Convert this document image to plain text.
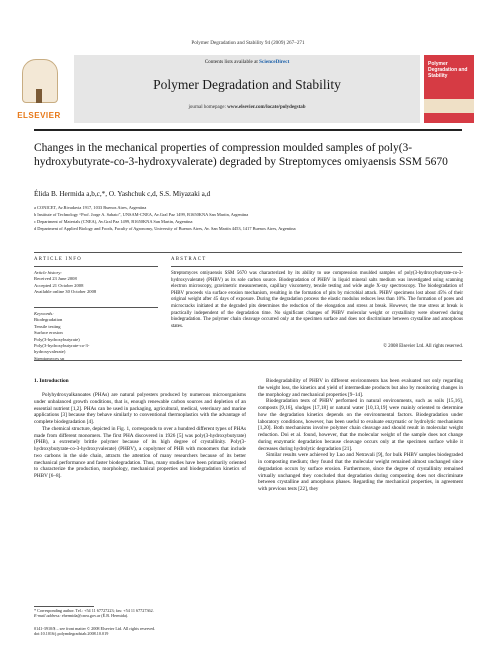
Polymer Degradation and Stability 94 (2009) 267–271
ELSEVIER
Contents lists available at ScienceDirect
Polymer Degradation and Stability
journal homepage: www.elsevier.com/locate/polydegstab
Polymer Degradation and Stability
Changes in the mechanical properties of compression moulded samples of poly(3-hydroxybutyrate-co-3-hydroxyvalerate) degraded by Streptomyces omiyaensis SSM 5670
Élida B. Hermida a,b,c,*, O. Yashchuk c,d, S.S. Miyazaki a,d
a CONICET, Av.Rivadavia 1917, 1033 Buenos Aires, Argentina
b Institute of Technology “Prof. Jorge A. Sabato”, UNSAM-CNEA, Av.Gral Paz 1499, B1650KNA San Martin, Argentina
c Department of Materials (CNEA), Av.Gral Paz 1499, B1650KNA San Martin, Argentina
d Department of Applied Biology and Foods, Faculty of Agronomy, University of Buenos Aires, Av. San Martín 4453, 1417 Buenos Aires, Argentina
ARTICLE INFO
Article history:
Received 23 June 2008
Accepted 21 October 2008
Available online 30 October 2008
Keywords:
Biodegradation
Tensile testing
Surface erosion
Poly(3-hydroxybutyrate)
Poly(3-hydroxybutyrate-co-3-
hydroxyvalerate)
Streptomyces sp
ABSTRACT
Streptomyces omiyaensis SSM 5670 was characterized by its ability to use compression moulded samples of poly(3-hydroxybutyrate-co-3-hydroxyvalerate) (PHBV) as its sole carbon source. Biodegradation of PHBV in liquid mineral salts medium was investigated using scanning electron microscopy, gravimetric measurements, capillary viscometry, tensile testing and wide angle X-ray spectroscopy. The biodegradation of PHBV proceeds via surface erosion mechanism, resulting in the formation of pits by microbial attack. PHBV specimens lost about 45% of their original weight after 45 days of exposure. During the degradation process the elastic modulus reduces less than 10%. The formation of pores and microcracks initiated at the degraded pits determines the reduction of the elongation and stress at break. However, the true stress at break is practically independent of the degradation time. No significant changes of PHBV molecular weight or crystallinity were observed during biodegradation. The polymer chain cleavage occurred only at the specimen surface and does not discriminate between crystalline and amorphous states.
© 2008 Elsevier Ltd. All rights reserved.
1. Introduction

Polyhydroxyalkanoates (PHAs) are natural polyesters produced by numerous microorganisms under unbalanced growth conditions, that is, enough renewable carbon sources and depletion of an essential nutrient [1,2]. PHAs can be used in packaging, agricultural, medical, veterinary and marine applications [3] because they behave similarly to conventional thermoplastics with the advantage of complete biodegradation [4].

The chemical structure, depicted in Fig. 1, corresponds to over a hundred different types of PHAs made from different monomers. The first PHA discovered in 1926 [5] was poly(3-hydroxybutyrate) (PHB), a extremely brittle polymer because of its high degree of crystallinity. Poly(3-hydroxybutyrate-co-3-hydroxyvalerate) (PHBV), a copolymer of PHB with monomers that include two carbons in the side chain, attracts the attention of many researchers because of its better mechanical performance and faster biodegradation. Thus, many studies have been primarily oriented to characterize the production, morphology, mechanical properties and biodegradation kinetics of PHBV [6–8].

Biodegradability of PHBV in different environments has been evaluated not only regarding the weight loss, the kinetics and yield of intermediate products but also by monitoring changes in the morphology and mechanical properties [9–14].

Biodegradation tests of PHBV performed in natural environments, such as soils [15,16], composts [9,16], sludges [17,18] or natural water [10,13,19] were mainly oriented to determine how the degradation kinetics depends on the environmental factors. Biodegradation under laboratory conditions, however, has been useful to evaluate enzymatic or hydrolytic mechanisms [1,20]. Both mechanisms involve polymer chain cleavage and should result in molecular weight reduction. Doi et al. found, however, that the molecular weight of the sample does not change during enzymatic degradation because cleavage occurs only at the specimen surface while it decreases during hydrolytic degradation [21].

Similar results were achieved by Luo and Netravali [9], for bulk PHBV samples biodegraded in composting medium; they found that the molecular weight remained almost unchanged since degradation occurs by surface erosion. Furthermore, since the degree of crystallinity remained virtually unchanged they concluded that degradation during composting does not discriminate between crystalline and amorphous phases. Regarding the mechanical properties, in agreement with previous tests [22], they

* Corresponding author. Tel.: +54 11 67727223; fax: +54 11 67727362.
E-mail address: ehermida@cnea.gov.ar (É.B. Hermida).
0141-3910/$ – see front matter © 2008 Elsevier Ltd. All rights reserved.
doi:10.1016/j.polymdegradstab.2008.10.019
